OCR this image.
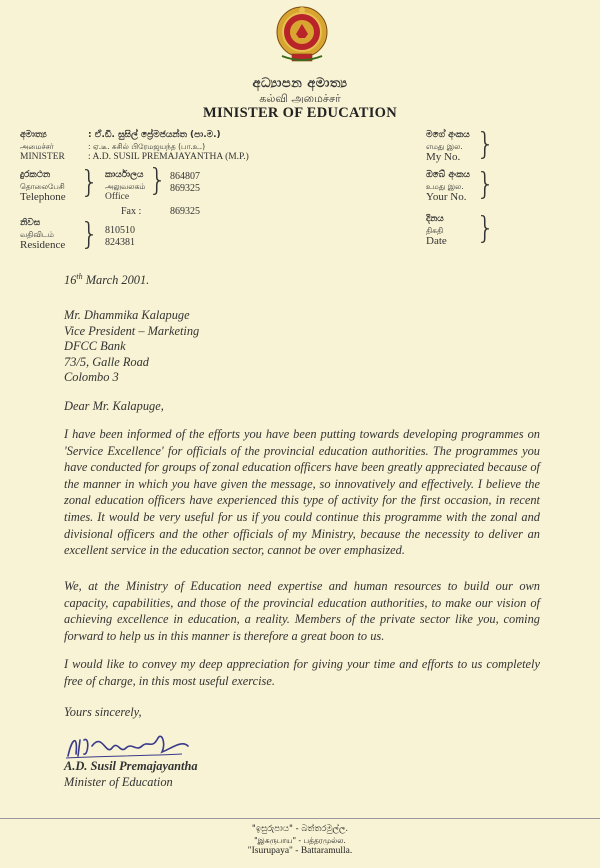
අධ්‍යාපන අමාත්‍ය
கல்வி அமைச்சர்
MINISTER OF EDUCATION
අමාත්‍ය
அமைச்சர்
MINISTER
: ඒ.ඩී. සුසිල් ප්‍රේමජයන්ත (පා.ම.)
: ஏ.டீ. சுசில் பிரேமஜயந்த (பா.உ.)
: A.D. SUSIL PREMAJAYANTHA (M.P.)
දුරකථන
தொலைபேசி
Telephone } කාර්යාලය
அலுவலகம்
Office } 864807
869325
Fax :	869325
නිවස
வதிவிடம்
Residence } 810510
824381
මගේ අංකය
எமது இல.
My No. }
ඔබේ අංකය
உமது இல.
Your No. }
දිනය
திகதி
Date }
16th March 2001.
Mr. Dhammika Kalapuge
Vice President – Marketing
DFCC Bank
73/5, Galle Road
Colombo 3
Dear Mr. Kalapuge,
I have been informed of the efforts you have been putting towards developing programmes on 'Service Excellence' for officials of the provincial education authorities. The programmes you have conducted for groups of zonal education officers have been greatly appreciated because of the manner in which you have given the message, so innovatively and effectively. I believe the zonal education officers have experienced this type of activity for the first occasion, in recent times. It would be very useful for us if you could continue this programme with the zonal and divisional officers and the other officials of my Ministry, because the necessity to deliver an excellent service in the education sector, cannot be over emphasized.
We, at the Ministry of Education need expertise and human resources to build our own capacity, capabilities, and those of the provincial education authorities, to make our vision of achieving excellence in education, a reality. Members of the private sector like you, coming forward to help us in this manner is therefore a great boon to us.
I would like to convey my deep appreciation for giving your time and efforts to us completely free of charge, in this most useful exercise.
Yours sincerely,
A.D. Susil Premajayantha
Minister of Education
"ඉසුරුපාය" - බත්තරමුල්ල.
"இசுருபாய" - பத்தரமுல்ல.
"Isurupaya" - Battaramulla.
